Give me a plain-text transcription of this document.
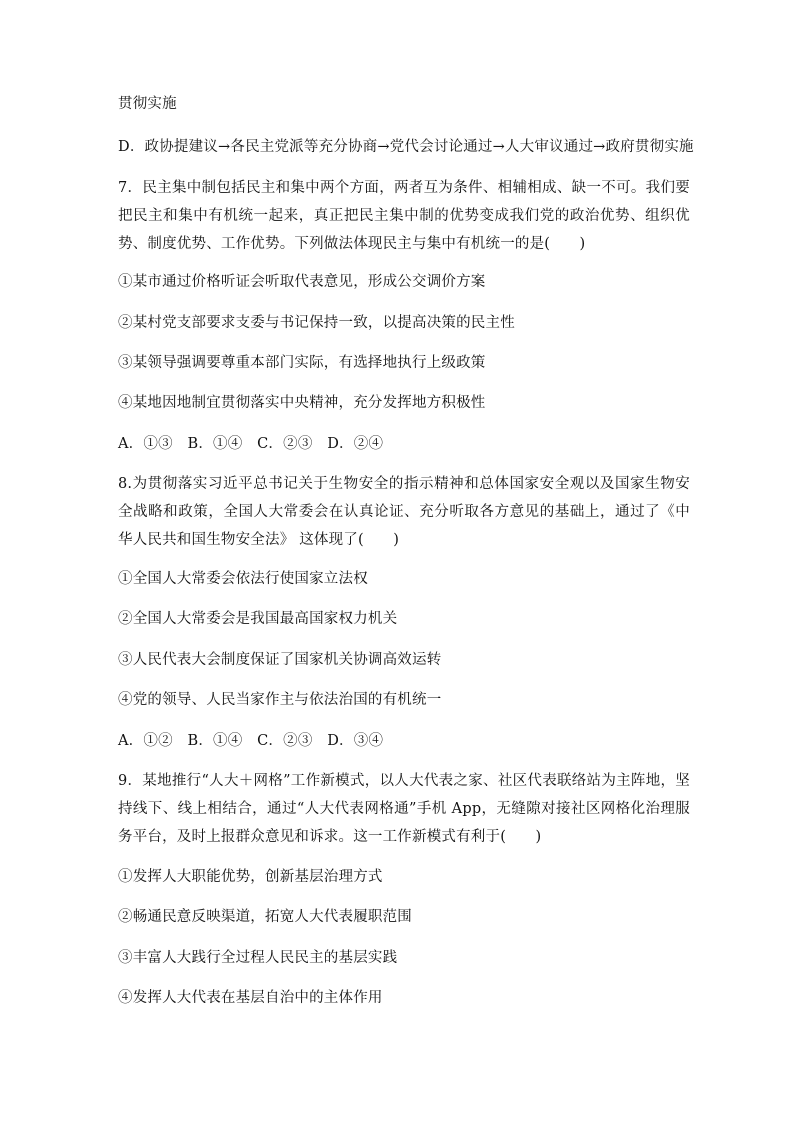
贯彻实施
D．政协提建议→各民主党派等充分协商→党代会讨论通过→人大审议通过→政府贯彻实施
7．民主集中制包括民主和集中两个方面，两者互为条件、相辅相成、缺一不可。我们要把民主和集中有机统一起来，真正把民主集中制的优势变成我们党的政治优势、组织优势、制度优势、工作优势。下列做法体现民主与集中有机统一的是(　　)
①某市通过价格听证会听取代表意见，形成公交调价方案
②某村党支部要求支委与书记保持一致，以提高决策的民主性
③某领导强调要尊重本部门实际，有选择地执行上级政策
④某地因地制宜贯彻落实中央精神，充分发挥地方积极性
A．①③　B．①④　C．②③　D．②④
8.为贯彻落实习近平总书记关于生物安全的指示精神和总体国家安全观以及国家生物安全战略和政策，全国人大常委会在认真论证、充分听取各方意见的基础上，通过了《中华人民共和国生物安全法》 这体现了(　　)
①全国人大常委会依法行使国家立法权
②全国人大常委会是我国最高国家权力机关
③人民代表大会制度保证了国家机关协调高效运转
④党的领导、人民当家作主与依法治国的有机统一
A．①②　B．①④　C．②③　D．③④
9．某地推行“人大＋网格”工作新模式，以人大代表之家、社区代表联络站为主阵地，坚持线下、线上相结合，通过“人大代表网格通”手机 App，无缝隙对接社区网格化治理服务平台，及时上报群众意见和诉求。这一工作新模式有利于(　　)
①发挥人大职能优势，创新基层治理方式
②畅通民意反映渠道，拓宽人大代表履职范围
③丰富人大践行全过程人民民主的基层实践
④发挥人大代表在基层自治中的主体作用
